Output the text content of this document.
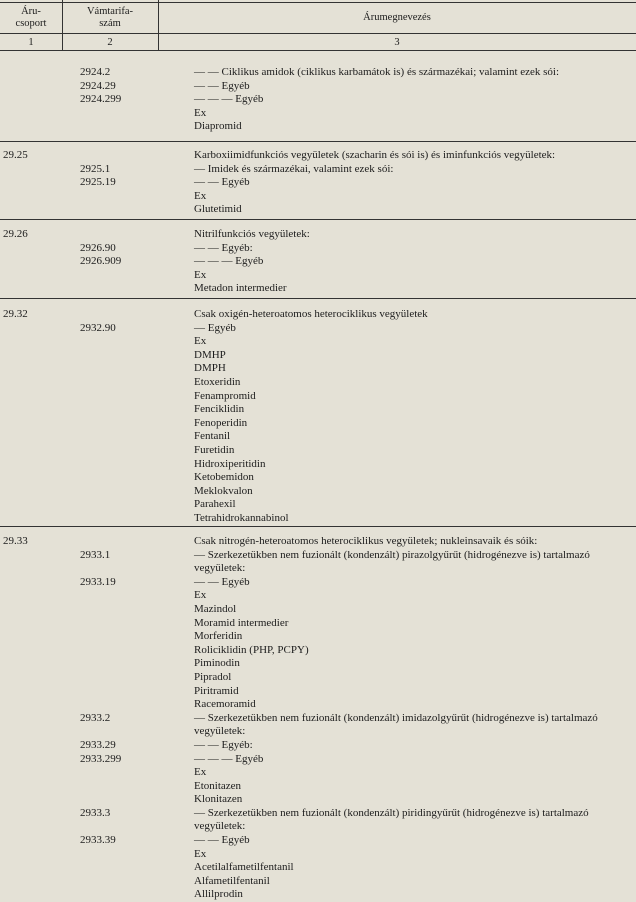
Áru-
csoport
Vámtarifa-
szám
Árumegnevezés
1	2	3
2924.2
2924.29
2924.299
— — Ciklikus amidok (ciklikus karbamátok is) és származékai; valamint ezek sói:
— — Egyéb
— — — Egyéb
Ex
Diapromid
29.25
2925.1
2925.19
Karboxiimidfunkciós vegyületek (szacharin és sói is) és iminfunkciós vegyületek:
— Imidek és származékai, valamint ezek sói:
— — Egyéb
Ex
Glutetimid
29.26
2926.90
2926.909
Nitrilfunkciós vegyületek:
— — Egyéb:
— — — Egyéb
Ex
Metadon intermedier
29.32
2932.90
Csak oxigén-heteroatomos heterociklikus vegyületek
— Egyéb
Ex
DMHP
DMPH
Etoxeridin
Fenampromid
Fenciklidin
Fenoperidin
Fentanil
Furetidin
Hidroxiperitidin
Ketobemidon
Meklokvalon
Parahexil
Tetrahidrokannabinol
29.33
2933.1
2933.19
2933.2
2933.29
2933.299
2933.3
2933.39
Csak nitrogén-heteroatomos heterociklikus vegyületek; nukleinsavaik és sóik:
— Szerkezetükben nem fuzionált (kondenzált) pirazolgyűrűt (hidrogénezve is) tartalmazó vegyületek:
— — Egyéb
Ex
Mazindol
Moramid intermedier
Morferidin
Roliciklidin (PHP, PCPY)
Piminodin
Pipradol
Piritramid
Racemoramid
— Szerkezetükben nem fuzionált (kondenzált) imidazolgyűrűt (hidrogénezve is) tartalmazó vegyületek:
— — Egyéb:
— — — Egyéb
Ex
Etonitazen
Klonitazen
— Szerkezetükben nem fuzionált (kondenzált) piridingyűrűt (hidrogénezve is) tartalmazó vegyületek:
— — Egyéb
Ex
Acetilalfametilfentanil
Alfametilfentanil
Allilprodin
